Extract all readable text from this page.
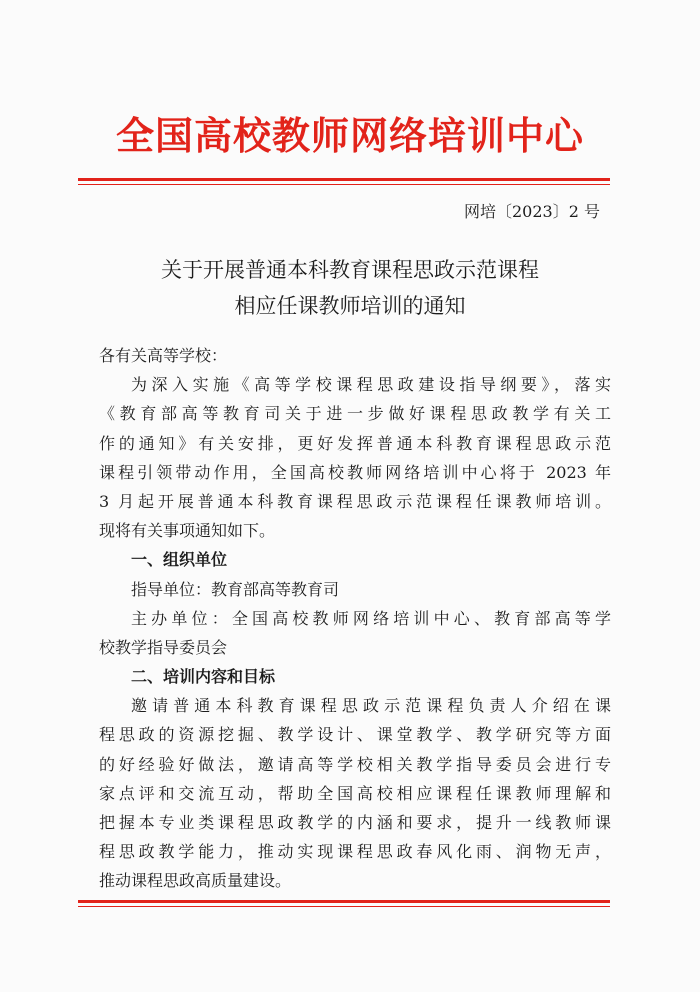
全国高校教师网络培训中心
网培〔2023〕2 号
关于开展普通本科教育课程思政示范课程
相应任课教师培训的通知
各有关高等学校：
为深入实施《高等学校课程思政建设指导纲要》，落实
《教育部高等教育司关于进一步做好课程思政教学有关工
作的通知》有关安排，更好发挥普通本科教育课程思政示范
课程引领带动作用，全国高校教师网络培训中心将于 2023 年
3 月起开展普通本科教育课程思政示范课程任课教师培训。
现将有关事项通知如下。
一、组织单位
指导单位：教育部高等教育司
主办单位：全国高校教师网络培训中心、教育部高等学
校教学指导委员会
二、培训内容和目标
邀请普通本科教育课程思政示范课程负责人介绍在课
程思政的资源挖掘、教学设计、课堂教学、教学研究等方面
的好经验好做法，邀请高等学校相关教学指导委员会进行专
家点评和交流互动，帮助全国高校相应课程任课教师理解和
把握本专业类课程思政教学的内涵和要求，提升一线教师课
程思政教学能力，推动实现课程思政春风化雨、润物无声，
推动课程思政高质量建设。
